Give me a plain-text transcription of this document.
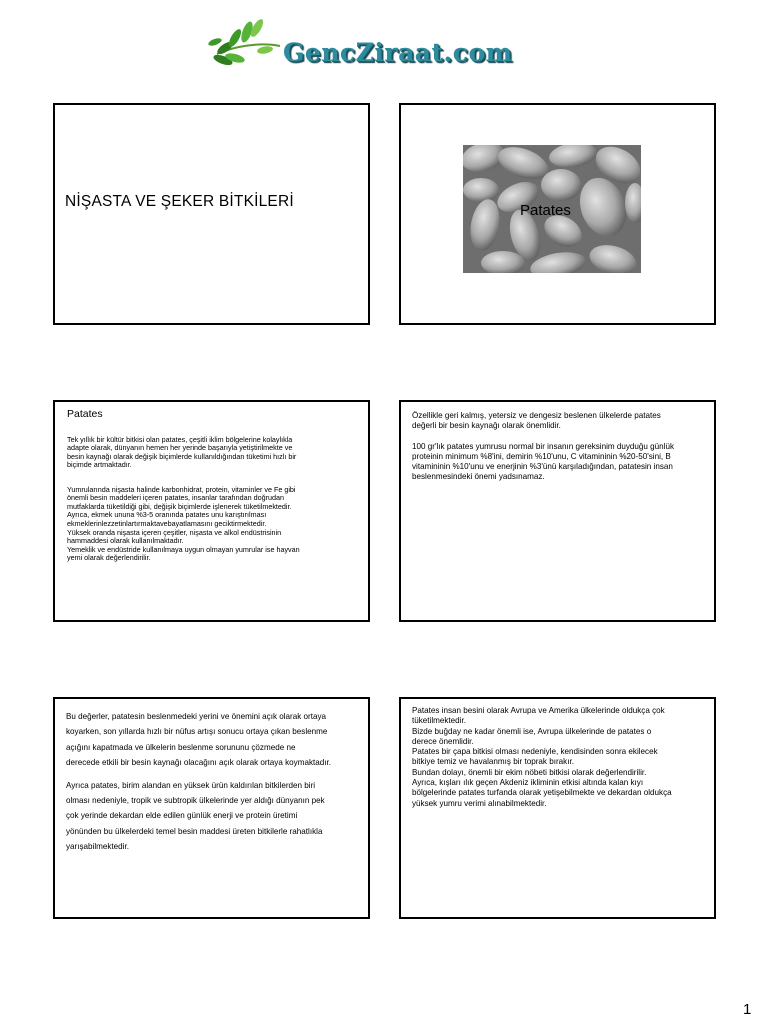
GencZiraat.com
NİŞASTA VE ŞEKER BİTKİLERİ
Patates
Patates

Tek yıllık bir kültür bitkisi olan patates, çeşitli iklim bölgelerine kolaylıkla adapte olarak, dünyanın hemen her yerinde başarıyla yetiştirilmekte ve besin kaynağı olarak değişik biçimlerde kullanıldığından tüketimi hızlı bir biçimde artmaktadır.

Yumrularında nişasta halinde karbonhidrat, protein, vitaminler ve Fe gibi önemli besin maddeleri içeren patates, insanlar tarafından doğrudan mutfaklarda tüketildiği gibi, değişik biçimlerde işlenerek tüketilmektedir.
Ayrıca, ekmek ununa %3-5 oranında patates unu karıştırılması ekmeklerinlezzetinlartırmaktavebayatlamasını geciktirmektedir.
Yüksek oranda nişasta içeren çeşitler, nişasta ve alkol endüstrisinin hammaddesi olarak kullanılmaktadır.
Yemeklik ve endüstride kullanılmaya uygun olmayan yumrular ise hayvan yemi olarak değerlendirilir.

Özellikle geri kalmış, yetersiz ve dengesiz beslenen ülkelerde patates değerli bir besin kaynağı olarak önemlidir.

100 gr'lık patates yumrusu normal bir insanın gereksinim duyduğu günlük proteinin minimum %8'ini, demirin %10'unu, C vitamininin %20-50'sini, B vitamininin %10'unu ve enerjinin %3'ünü karşıladığından, patatesin insan beslenmesindeki önemi yadsınamaz.

Bu değerler, patatesin beslenmedeki yerini ve önemini açık olarak ortaya koyarken, son yıllarda hızlı bir nüfus artışı sonucu ortaya çıkan beslenme açığını kapatmada ve ülkelerin beslenme sorununu çözmede ne derecede etkili bir besin kaynağı olacağını açık olarak ortaya koymaktadır.

Ayrıca patates, birim alandan en yüksek ürün kaldırılan bitkilerden biri olması nedeniyle, tropik ve subtropik ülkelerinde yer aldığı dünyanın pek çok yerinde dekardan elde edilen günlük enerji ve protein üretimi yönünden bu ülkelerdeki temel besin maddesi üreten bitkilerle rahatlıkla yarışabilmektedir.

Patates insan besini olarak Avrupa ve Amerika ülkelerinde oldukça çok tüketilmektedir.
Bizde buğday ne kadar önemli ise, Avrupa ülkelerinde de patates o derece önemlidir.
Patates bir çapa bitkisi olması nedeniyle, kendisinden sonra ekilecek bitkiye temiz ve havalanmış bir toprak bırakır.
Bundan dolayı, önemli bir ekim nöbeti bitkisi olarak değerlendirilir.
Ayrıca, kışları ılık geçen Akdeniz ikliminin etkisi altında kalan kıyı bölgelerinde patates turfanda olarak yetişebilmekte ve dekardan oldukça yüksek yumru verimi alınabilmektedir.
1
